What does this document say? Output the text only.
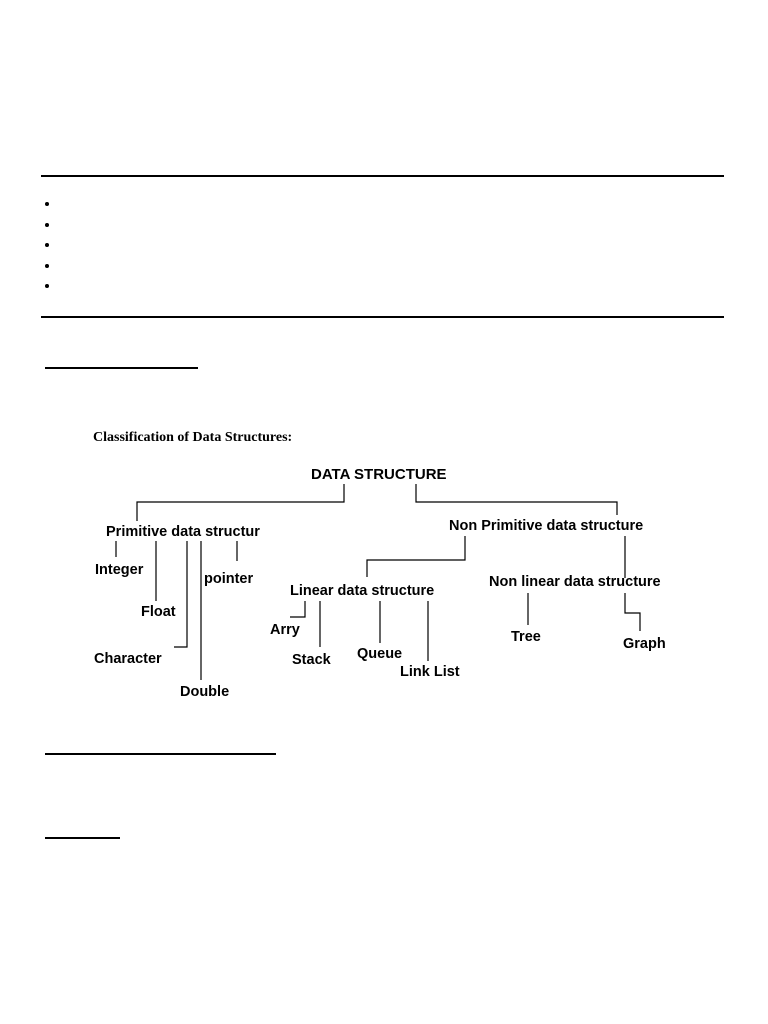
Classification of Data Structures:
DATA STRUCTURE
Primitive data structur	Non Primitive data structure
Integer
Float
Character
Double
pointer
Linear data structure
Non linear data structure
Arry
Stack Queue
Link List
Tree	Graph
